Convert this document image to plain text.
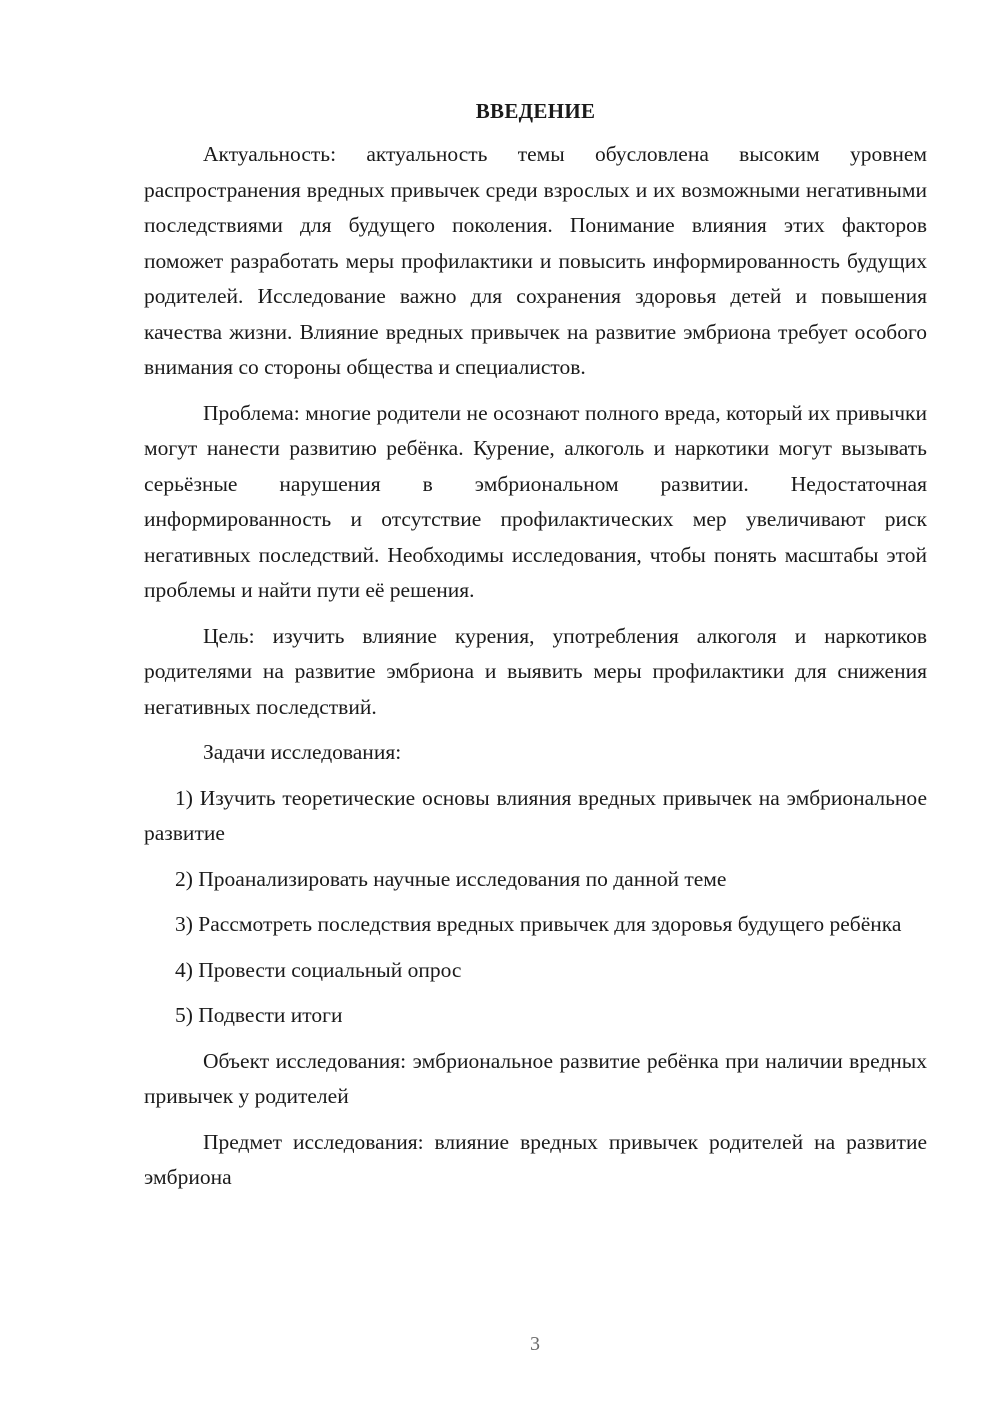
ВВЕДЕНИЕ

Актуальность: актуальность темы обусловлена высоким уровнем распространения вредных привычек среди взрослых и их возможными негативными последствиями для будущего поколения. Понимание влияния этих факторов поможет разработать меры профилактики и повысить информированность будущих родителей. Исследование важно для сохранения здоровья детей и повышения качества жизни. Влияние вредных привычек на развитие эмбриона требует особого внимания со стороны общества и специалистов.

Проблема: многие родители не осознают полного вреда, который их привычки могут нанести развитию ребёнка. Курение, алкоголь и наркотики могут вызывать серьёзные нарушения в эмбриональном развитии. Недостаточная информированность и отсутствие профилактических мер увеличивают риск негативных последствий. Необходимы исследования, чтобы понять масштабы этой проблемы и найти пути её решения.

Цель: изучить влияние курения, употребления алкоголя и наркотиков родителями на развитие эмбриона и выявить меры профилактики для снижения негативных последствий.

Задачи исследования:

1) Изучить теоретические основы влияния вредных привычек на эмбриональное развитие

2) Проанализировать научные исследования по данной теме

3) Рассмотреть последствия вредных привычек для здоровья будущего ребёнка

4) Провести социальный опрос

5) Подвести итоги

Объект исследования: эмбриональное развитие ребёнка при наличии вредных привычек у родителей

Предмет исследования: влияние вредных привычек родителей на развитие эмбриона

3
